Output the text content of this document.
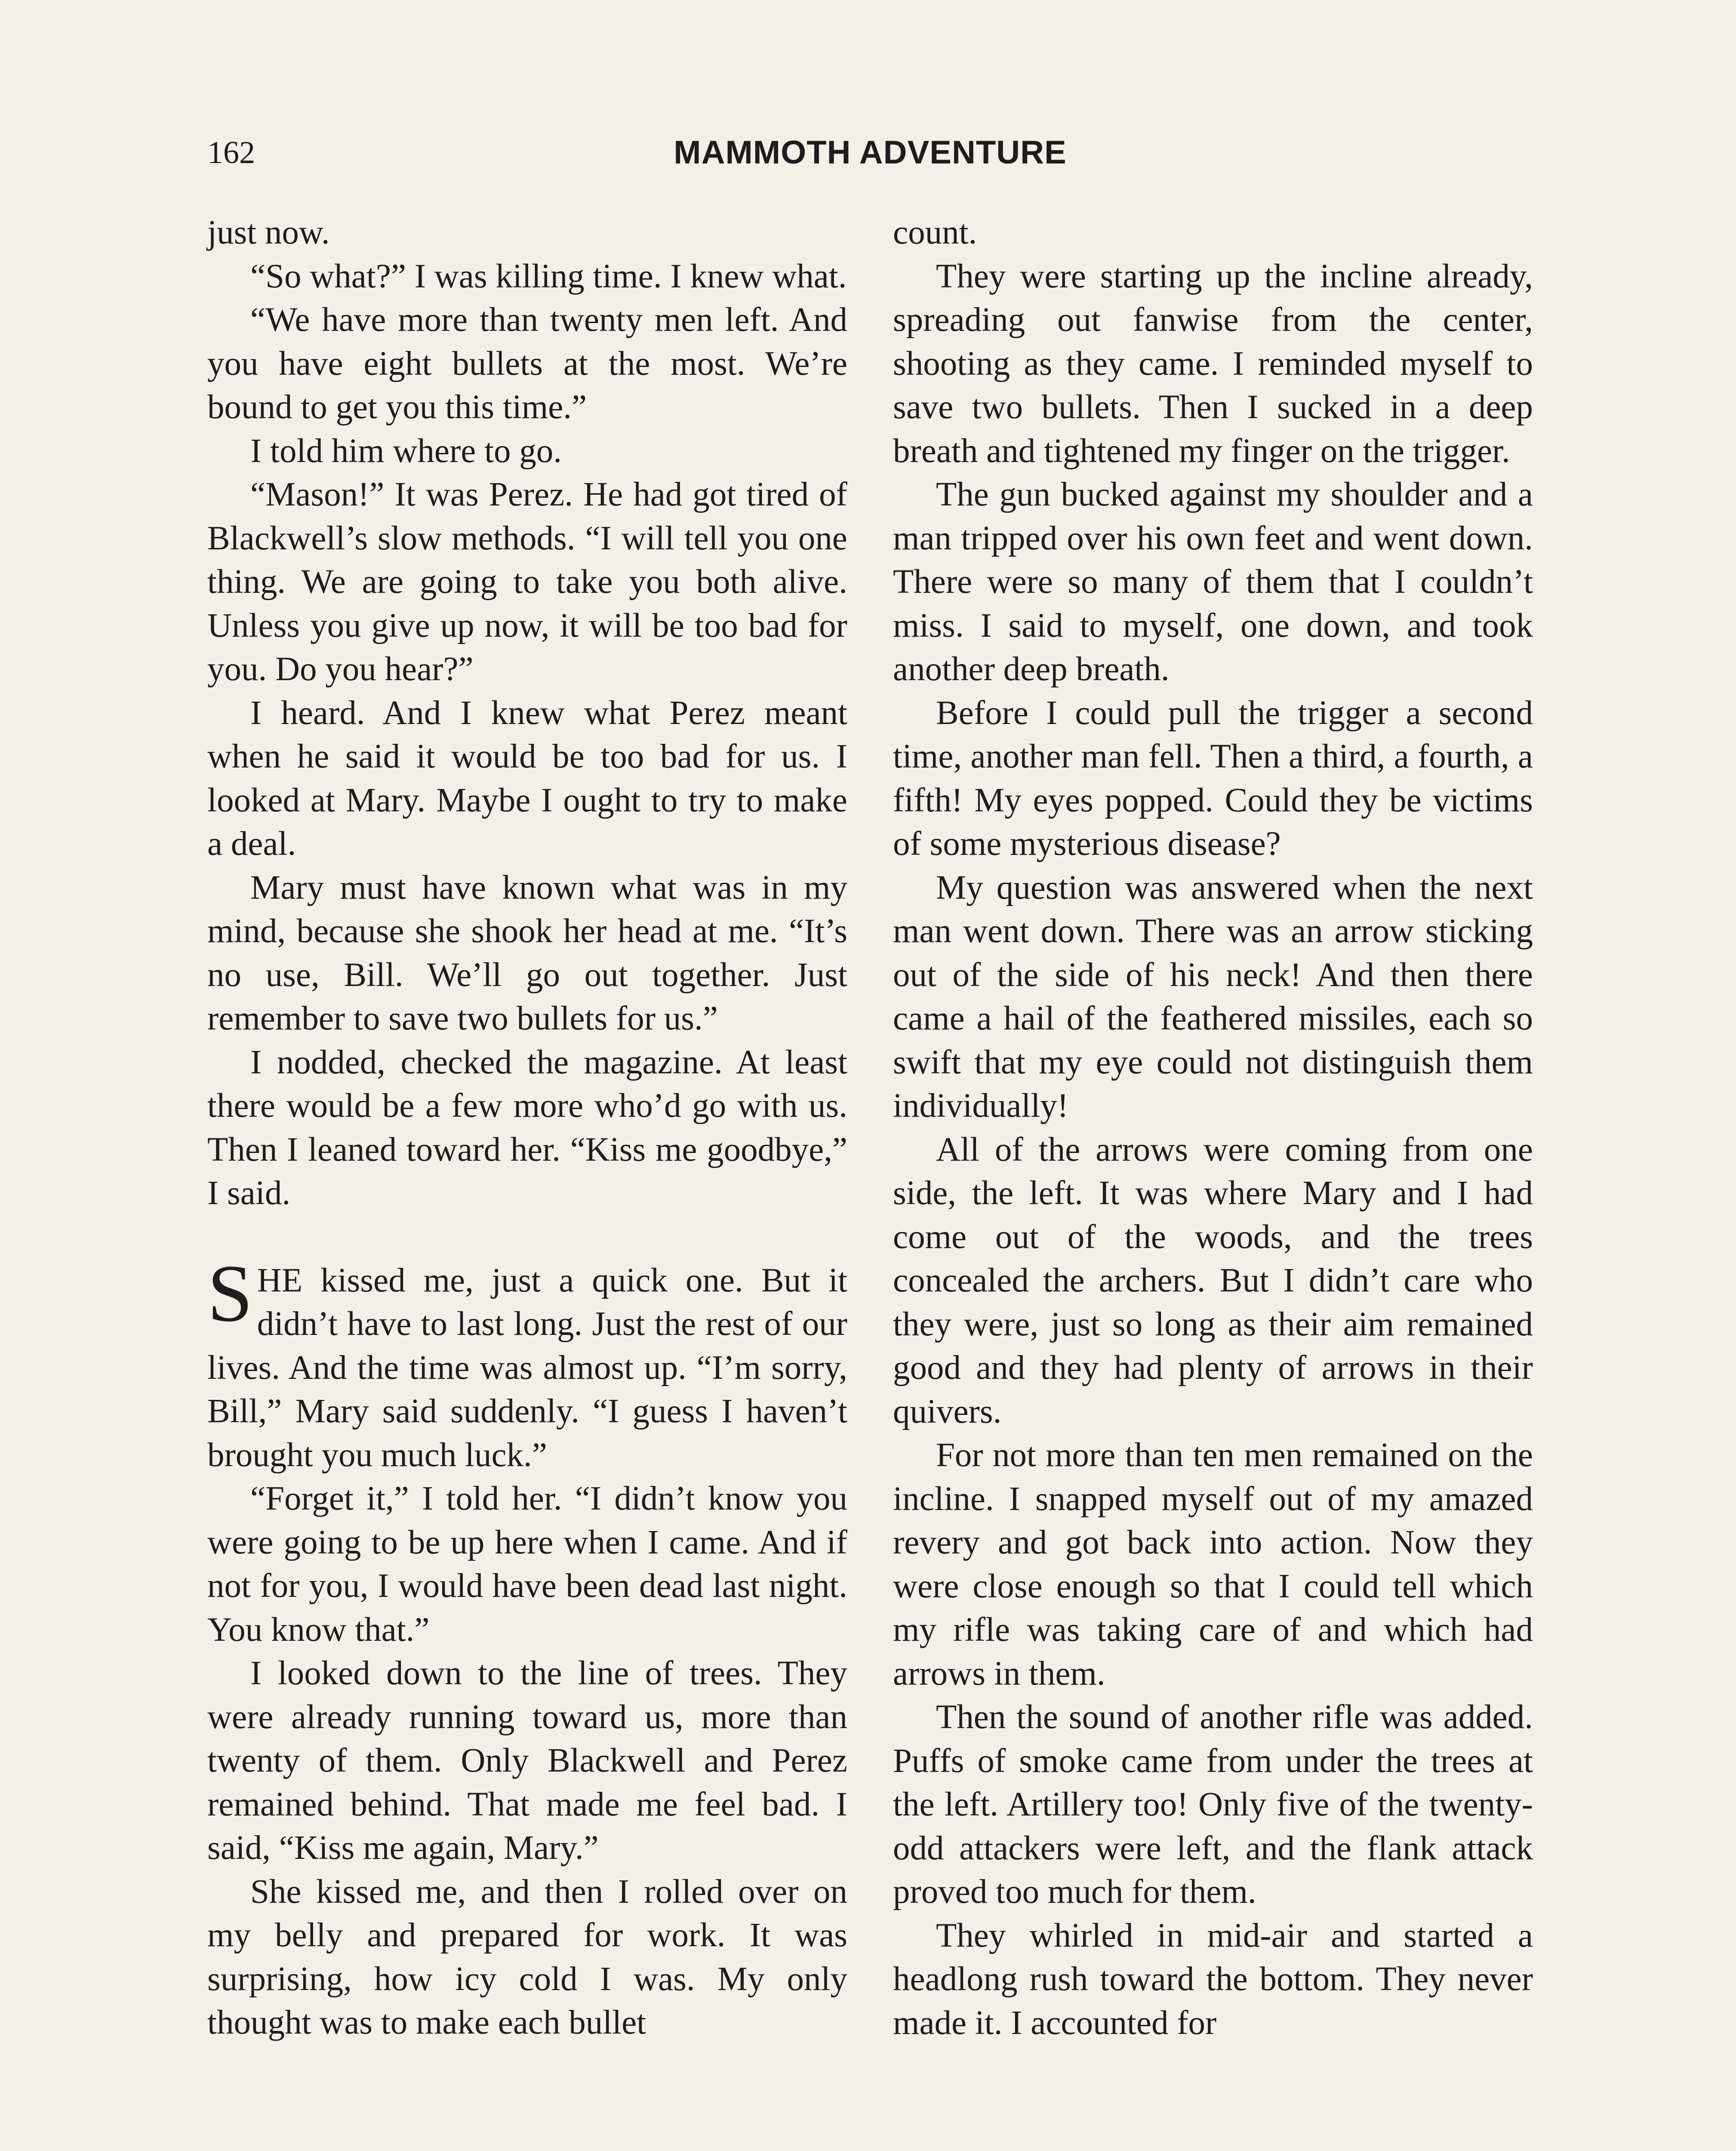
162	MAMMOTH ADVENTURE

just now.

“So what?” I was killing time. I knew what.

“We have more than twenty men left. And you have eight bullets at the most. We’re bound to get you this time.”

I told him where to go.

“Mason!” It was Perez. He had got tired of Blackwell’s slow methods. “I will tell you one thing. We are going to take you both alive. Unless you give up now, it will be too bad for you. Do you hear?”

I heard. And I knew what Perez meant when he said it would be too bad for us. I looked at Mary. Maybe I ought to try to make a deal.

Mary must have known what was in my mind, because she shook her head at me. “It’s no use, Bill. We’ll go out together. Just remember to save two bullets for us.”

I nodded, checked the magazine. At least there would be a few more who’d go with us. Then I leaned toward her. “Kiss me goodbye,” I said.

SHE kissed me, just a quick one. But it didn’t have to last long. Just the rest of our lives. And the time was almost up. “I’m sorry, Bill,” Mary said suddenly. “I guess I haven’t brought you much luck.”

“Forget it,” I told her. “I didn’t know you were going to be up here when I came. And if not for you, I would have been dead last night. You know that.”

I looked down to the line of trees. They were already running toward us, more than twenty of them. Only Blackwell and Perez remained behind. That made me feel bad. I said, “Kiss me again, Mary.”

She kissed me, and then I rolled over on my belly and prepared for work. It was surprising, how icy cold I was. My only thought was to make each bullet

count.

They were starting up the incline already, spreading out fanwise from the center, shooting as they came. I reminded myself to save two bullets. Then I sucked in a deep breath and tightened my finger on the trigger.

The gun bucked against my shoulder and a man tripped over his own feet and went down. There were so many of them that I couldn’t miss. I said to myself, one down, and took another deep breath.

Before I could pull the trigger a second time, another man fell. Then a third, a fourth, a fifth! My eyes popped. Could they be victims of some mysterious disease?

My question was answered when the next man went down. There was an arrow sticking out of the side of his neck! And then there came a hail of the feathered missiles, each so swift that my eye could not distinguish them individually!

All of the arrows were coming from one side, the left. It was where Mary and I had come out of the woods, and the trees concealed the archers. But I didn’t care who they were, just so long as their aim remained good and they had plenty of arrows in their quivers.

For not more than ten men remained on the incline. I snapped myself out of my amazed revery and got back into action. Now they were close enough so that I could tell which my rifle was taking care of and which had arrows in them.

Then the sound of another rifle was added. Puffs of smoke came from under the trees at the left. Artillery too! Only five of the twenty-odd attackers were left, and the flank attack proved too much for them.

They whirled in mid-air and started a headlong rush toward the bottom. They never made it. I accounted for
